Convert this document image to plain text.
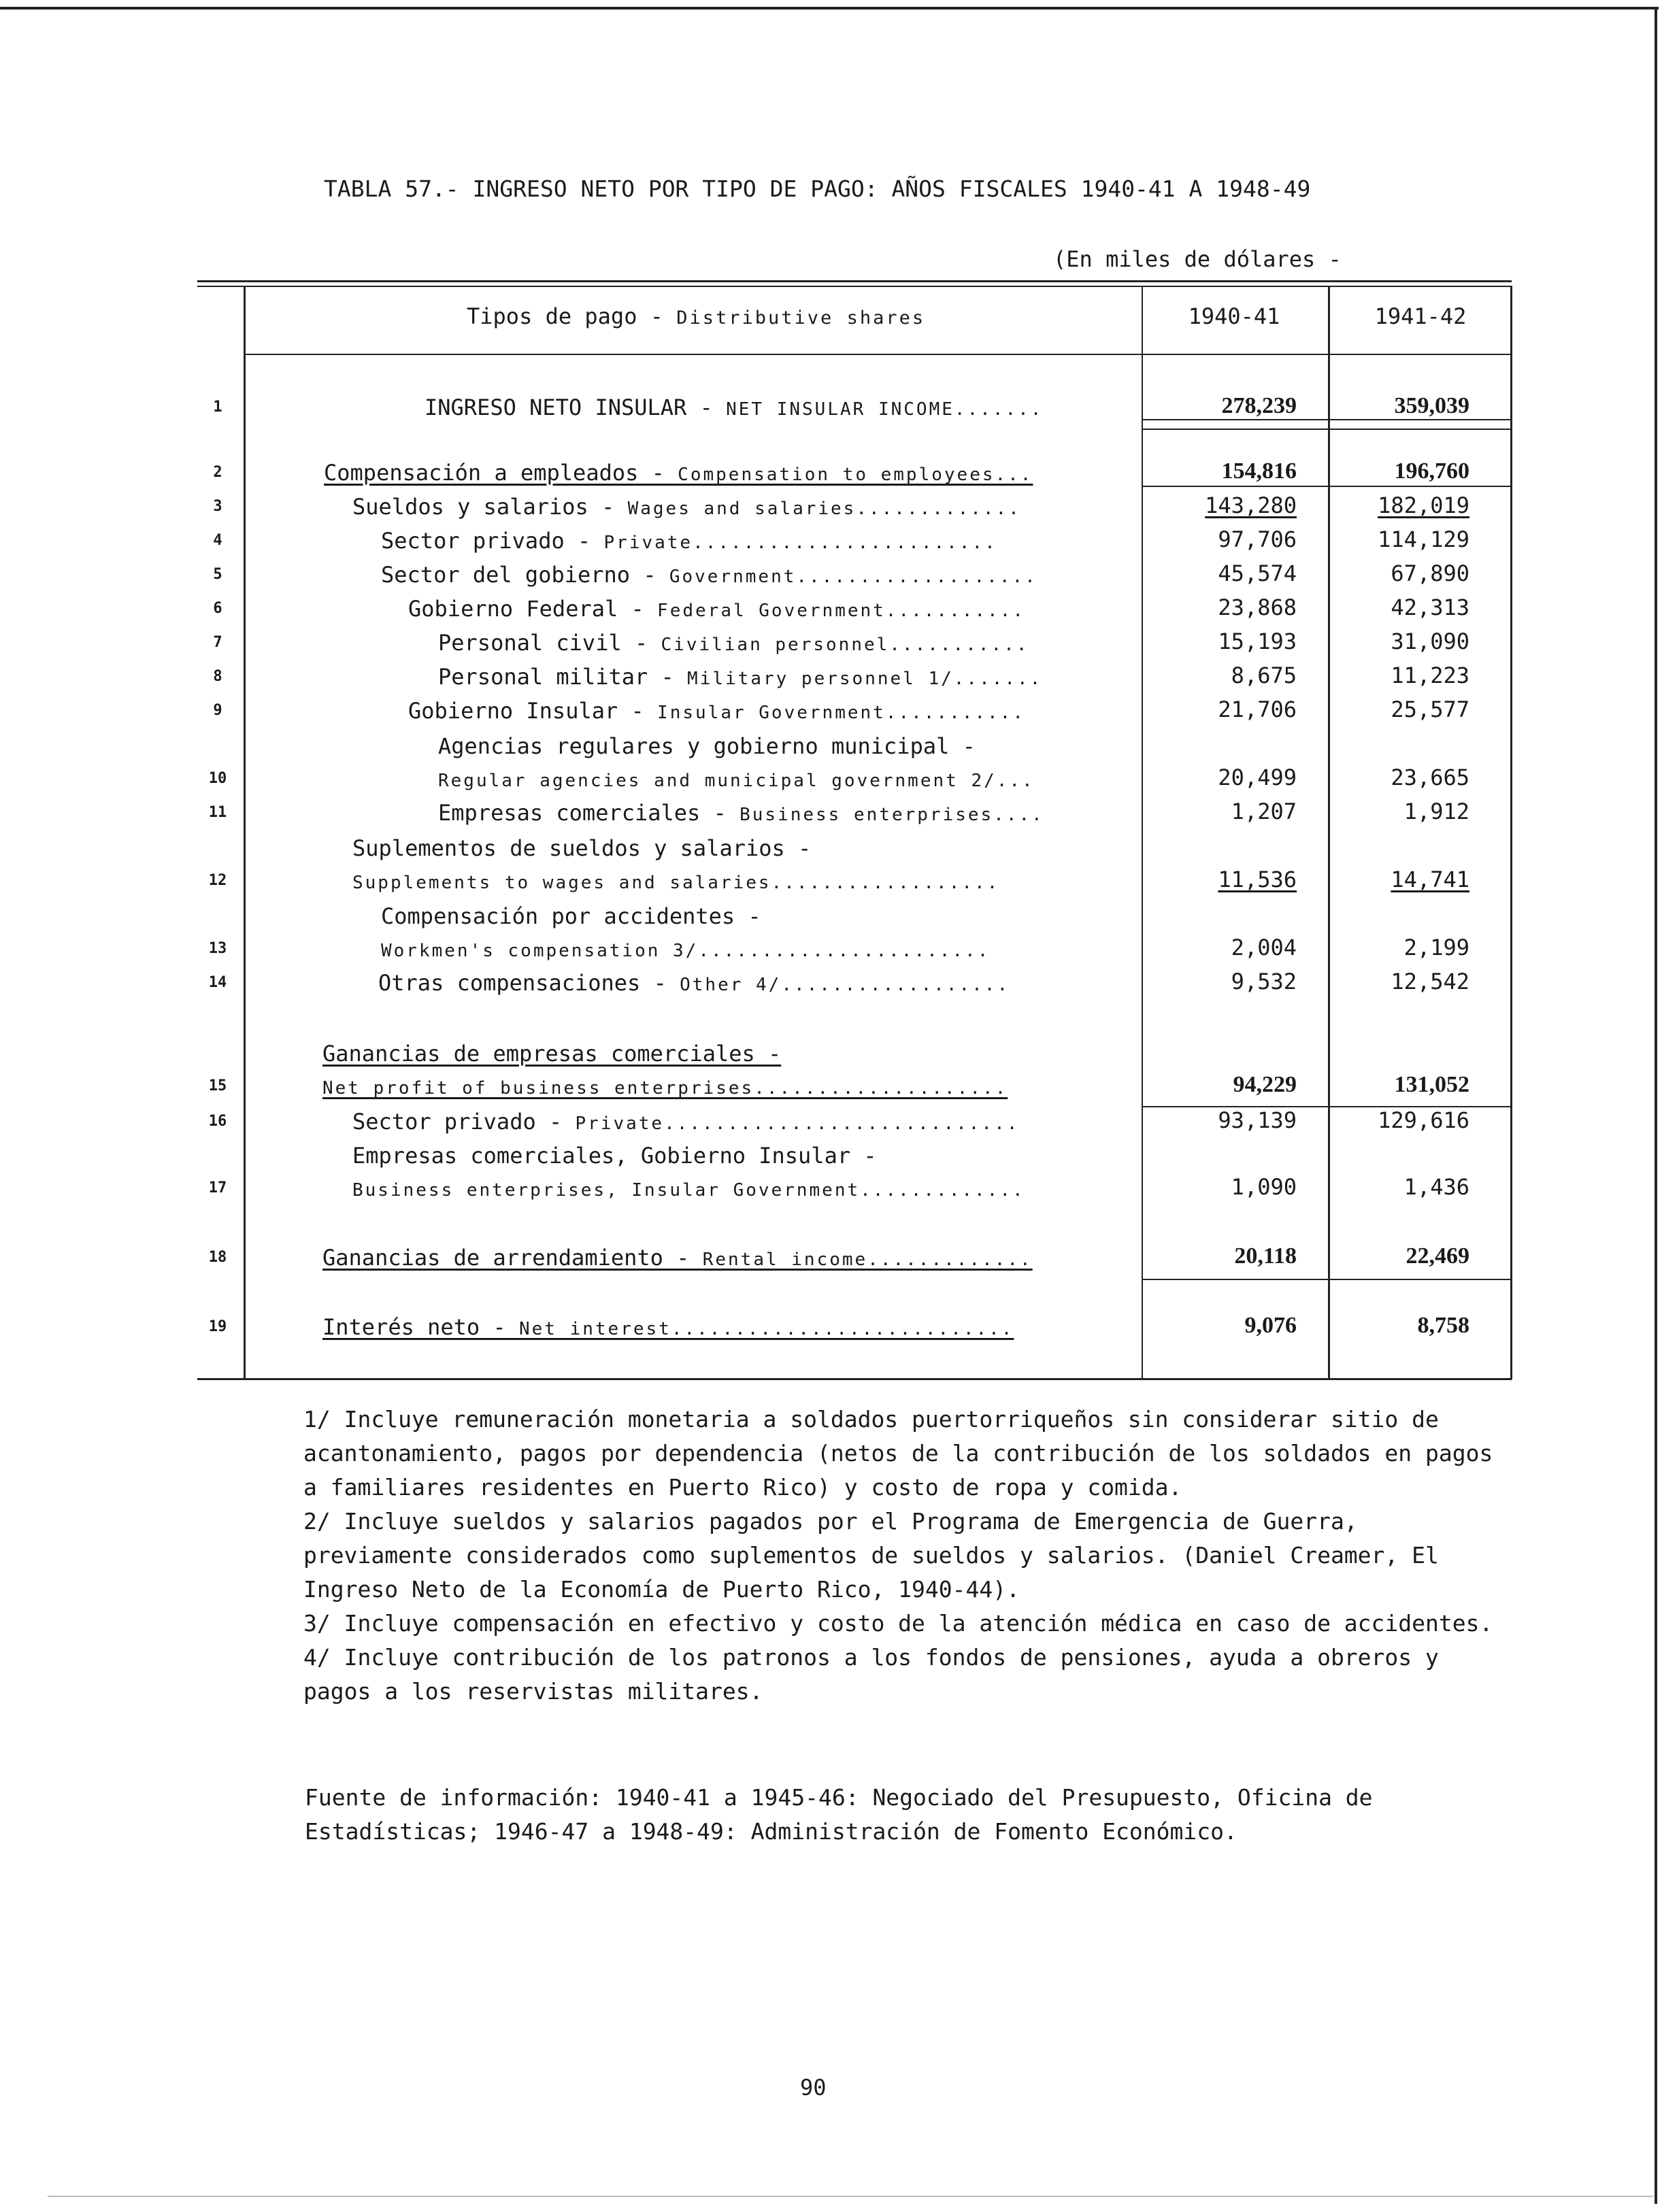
TABLA 57.- INGRESO NETO POR TIPO DE PAGO: AÑOS FISCALES 1940-41 A 1948-49
(En miles de dólares -
Tipos de pago - Distributive shares	1940-41	1941-42
1	INGRESO NETO INSULAR - NET INSULAR INCOME.......	278,239	359,039
2	Compensación a empleados - Compensation to employees...	154,816	196,760
3	Sueldos y salarios - Wages and salaries.............	143,280	182,019
4	Sector privado - Private........................	97,706	114,129
5	Sector del gobierno - Government...................	45,574	67,890
6	Gobierno Federal - Federal Government...........	23,868	42,313
7	Personal civil - Civilian personnel...........	15,193	31,090
8	Personal militar - Military personnel 1/.......	8,675	11,223
9	Gobierno Insular - Insular Government...........	21,706	25,577
Agencias regulares y gobierno municipal -
10	Regular agencies and municipal government 2/...	20,499	23,665
11	Empresas comerciales - Business enterprises....	1,207	1,912
Suplementos de sueldos y salarios -
12	Supplements to wages and salaries..................	11,536	14,741
Compensación por accidentes -
13	Workmen's compensation 3/.......................	2,004	2,199
14	Otras compensaciones - Other 4/..................	9,532	12,542
Ganancias de empresas comerciales -
15	Net profit of business enterprises....................	94,229	131,052
16	Sector privado - Private............................	93,139	129,616
Empresas comerciales, Gobierno Insular -
17	Business enterprises, Insular Government.............	1,090	1,436
18	Ganancias de arrendamiento - Rental income.............	20,118	22,469
19	Interés neto - Net interest...........................	9,076	8,758

1/ Incluye remuneración monetaria a soldados puertorriqueños sin considerar sitio de acantonamiento, pagos por dependencia (netos de la contribución de los soldados en pagos a familiares residentes en Puerto Rico) y costo de ropa y comida.

2/ Incluye sueldos y salarios pagados por el Programa de Emergencia de Guerra, previamente considerados como suplementos de sueldos y salarios. (Daniel Creamer, El Ingreso Neto de la Economía de Puerto Rico, 1940-44).

3/ Incluye compensación en efectivo y costo de la atención médica en caso de accidentes.

4/ Incluye contribución de los patronos a los fondos de pensiones, ayuda a obreros y pagos a los reservistas militares.

Fuente de información: 1940-41 a 1945-46: Negociado del Presupuesto, Oficina de Estadísticas; 1946-47 a 1948-49: Administración de Fomento Económico.
90
